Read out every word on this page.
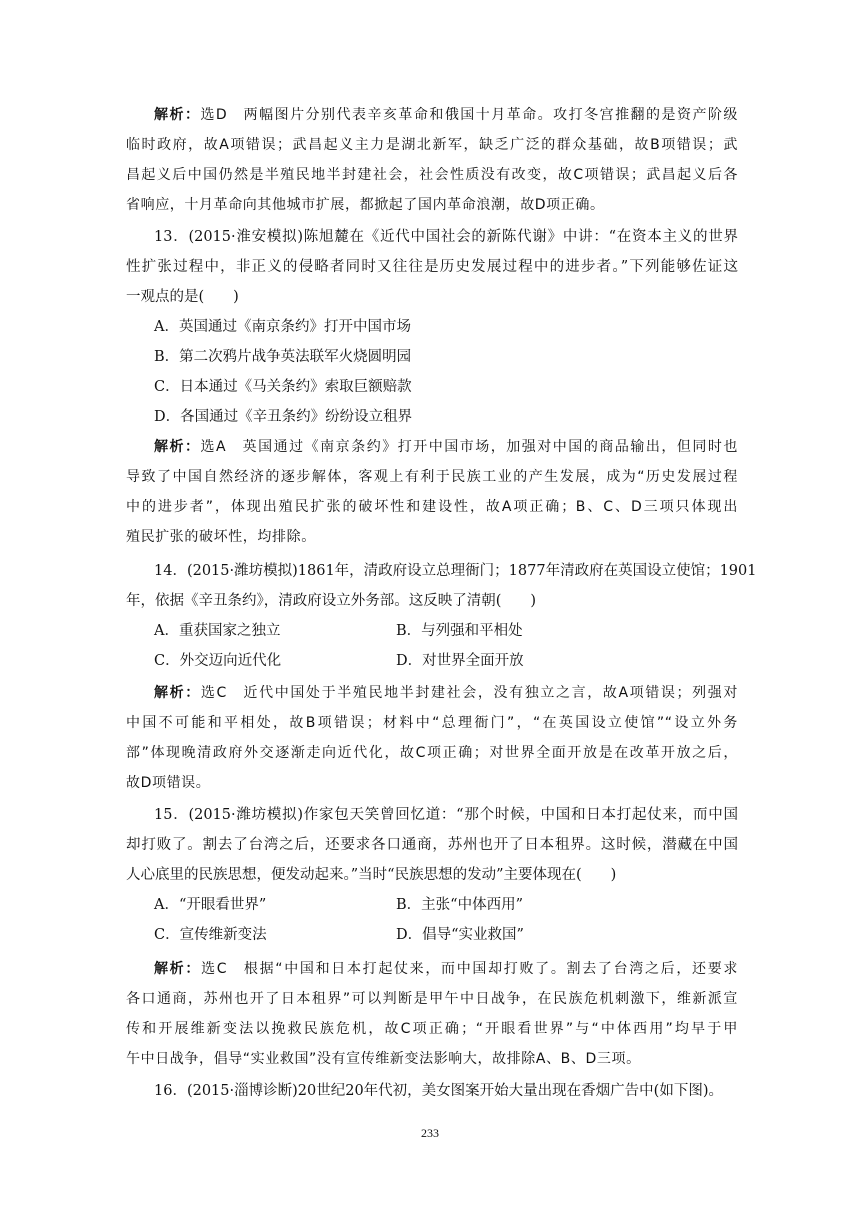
解析：选D　两幅图片分别代表辛亥革命和俄国十月革命。攻打冬宫推翻的是资产阶级
临时政府，故A项错误；武昌起义主力是湖北新军，缺乏广泛的群众基础，故B项错误；武
昌起义后中国仍然是半殖民地半封建社会，社会性质没有改变，故C项错误；武昌起义后各
省响应，十月革命向其他城市扩展，都掀起了国内革命浪潮，故D项正确。
13．(2015·淮安模拟)陈旭麓在《近代中国社会的新陈代谢》中讲：“在资本主义的世界
性扩张过程中，非正义的侵略者同时又往往是历史发展过程中的进步者。”下列能够佐证这
一观点的是(　　)
A．英国通过《南京条约》打开中国市场
B．第二次鸦片战争英法联军火烧圆明园
C．日本通过《马关条约》索取巨额赔款
D．各国通过《辛丑条约》纷纷设立租界
解析：选A　英国通过《南京条约》打开中国市场，加强对中国的商品输出，但同时也
导致了中国自然经济的逐步解体，客观上有利于民族工业的产生发展，成为“历史发展过程
中的进步者”，体现出殖民扩张的破坏性和建设性，故A项正确；B、C、D三项只体现出
殖民扩张的破坏性，均排除。
14．(2015·潍坊模拟)1861年，清政府设立总理衙门；1877年清政府在英国设立使馆；1901
年，依据《辛丑条约》，清政府设立外务部。这反映了清朝(　　)
A．重获国家之独立	B．与列强和平相处
C．外交迈向近代化	D．对世界全面开放
解析：选C　近代中国处于半殖民地半封建社会，没有独立之言，故A项错误；列强对
中国不可能和平相处，故B项错误；材料中“总理衙门”，“在英国设立使馆”“设立外务
部”体现晚清政府外交逐渐走向近代化，故C项正确；对世界全面开放是在改革开放之后，
故D项错误。
15．(2015·潍坊模拟)作家包天笑曾回忆道：“那个时候，中国和日本打起仗来，而中国
却打败了。割去了台湾之后，还要求各口通商，苏州也开了日本租界。这时候，潜藏在中国
人心底里的民族思想，便发动起来。”当时“民族思想的发动”主要体现在(　　)
A．“开眼看世界”	B．主张“中体西用”
C．宣传维新变法	D．倡导“实业救国”
解析：选C　根据“中国和日本打起仗来，而中国却打败了。割去了台湾之后，还要求
各口通商，苏州也开了日本租界”可以判断是甲午中日战争，在民族危机刺激下，维新派宣
传和开展维新变法以挽救民族危机，故C项正确；“开眼看世界”与“中体西用”均早于甲
午中日战争，倡导“实业救国”没有宣传维新变法影响大，故排除A、B、D三项。
16．(2015·淄博诊断)20世纪20年代初，美女图案开始大量出现在香烟广告中(如下图)。
233
